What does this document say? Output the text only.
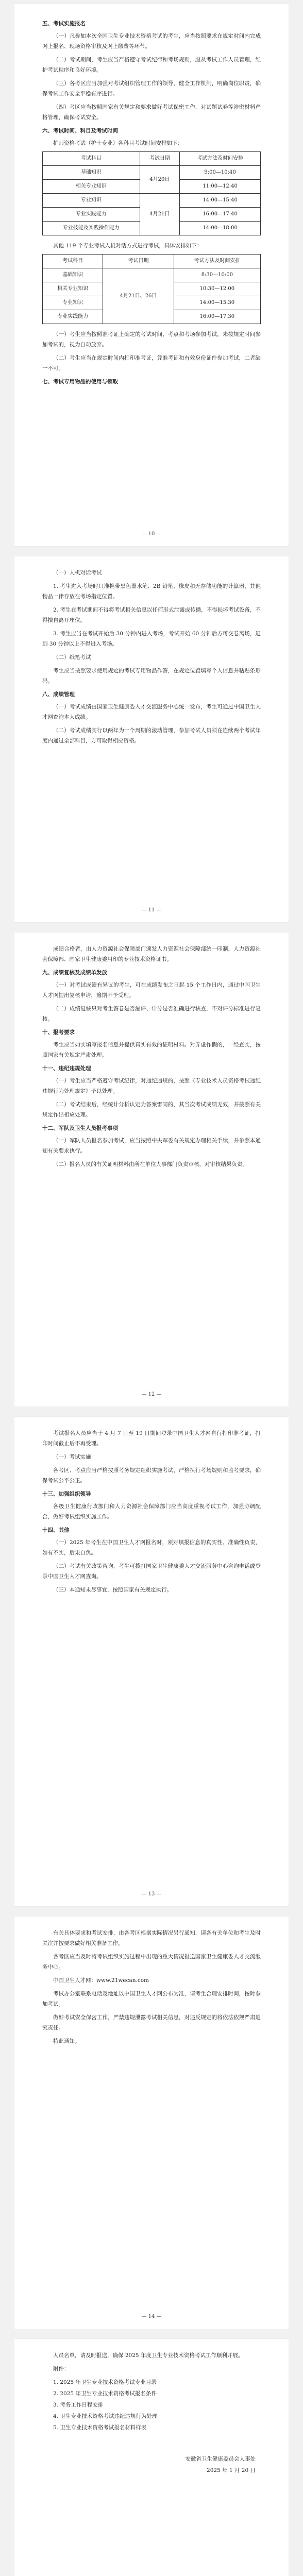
五、考试实施报名

（一）凡参加本次全国卫生专业技术资格考试的考生，应当按照要求在规定时间内完成网上报名、现场资格审核及网上缴费等环节。

（二）考试期间，考生应当严格遵守考试纪律和考场规则，服从考试工作人员管理，维护考试秩序和良好环境。

（三）各考区应当加强对考试组织管理工作的领导，健全工作机制，明确岗位职责，确保考试工作安全平稳有序进行。

（四）考区应当按照国家有关规定和要求做好考试保密工作，对试题试卷等涉密材料严格管理，确保考试安全。

六、考试时间、科目及考试时间

护师资格考试（护士专业）各科目考试时间安排如下：

考试科目	考试日期	考试方法及时间安排
基础知识	4月20日	9:00—10:40
相关专业知识		11:00—12:40
专业知识	4月21日	14:00—15:40
专业实践能力		16:00—17:40
专业技能及实践操作能力		14:00—18:00

其他 119 个专业考试人机对话方式进行考试，具体安排如下：

考试科目	考试日期	考试方法及时间安排
基础知识	4月21日、26日	8:30—10:00
相关专业知识		10:30—12:00
专业知识		14:00—15:30
专业实践能力		16:00—17:30

（一）考生应当按照准考证上确定的考试时间、考点和考场参加考试，未按规定时间参加考试的，视为自动放弃。

（二）考生应当在规定时间内打印准考证，凭准考证和有效身份证件参加考试，二者缺一不可。

七、考试专用物品的使用与领取
— 10 —

（一）人机对话考试

1. 考生进入考场时只准携带黑色墨水笔、2B 铅笔、橡皮和无存储功能的计算器，其他物品一律存放在考场指定位置。

2. 考生在考试期间不得将考试相关信息以任何形式泄露或传播，不得损坏考试设备，不得擅自离开座位。

3. 考生应当在考试开始后 30 分钟内进入考场，考试开始 60 分钟后方可交卷离场，迟到 30 分钟以上不得进入考场。

（二）纸笔考试

考生应当按照要求使用规定的考试专用物品作答，在规定位置填写个人信息并粘贴条形码。

八、成绩管理

（一）考试成绩由国家卫生健康委人才交流服务中心统一发布，考生可通过中国卫生人才网查询本人成绩。

（二）考试成绩实行以两年为一个周期的滚动管理，参加考试人员须在连续两个考试年度内通过全部科目，方可取得相应资格。

— 11 —

成绩合格者，由人力资源社会保障部门颁发人力资源社会保障部统一印制，人力资源社会保障部、国家卫生健康委用印的专业技术资格证书。

九、成绩复核及成绩单发放

（一）对考试成绩有异议的考生，可在成绩发布之日起 15 个工作日内，通过中国卫生人才网提出复核申请，逾期不予受理。

（二）成绩复核只对考生答卷是否漏评、计分是否准确进行核查，不对评分标准进行复核。

十、报考要求

考生应当如实填写报名信息并提供真实有效的证明材料。对弄虚作假的，一经查实，按照国家有关规定严肃处理。

十一、违纪违规处理

（一）考生应当严格遵守考试纪律，对违纪违规的，按照《专业技术人员资格考试违纪违规行为处理规定》予以处理。

（二）考试结束后，经统计分析认定为答案雷同的，其当次考试成绩无效，并按照有关规定作出相应处理。

十二、军队及卫生人员报考事项

（一）军队人员报名参加考试，应当按照中央军委有关规定办理相关手续，并参照本通知有关要求执行。

（二）报名人员的有关证明材料由所在单位人事部门负责审核，对审核结果负责。

— 12 —

考试报名人员应当于 4 月 7 日至 19 日期间登录中国卫生人才网自行打印准考证，打印时间截止后不再受理。

（一）考试实施

各考区、考点应当严格按照考务规定组织实施考试，严格执行考场规则和监考要求，确保考试公平公正。

十三、加强组织领导

各级卫生健康行政部门和人力资源社会保障部门应当高度重视考试工作，加强协调配合，做好考试组织实施工作。

十四、其他

（一）2025 年考生在中国卫生人才网报名时，须对填报信息的真实性、准确性负责，如有不实，后果自负。

（二）考试有关政策咨询，考生可拨打国家卫生健康委人才交流服务中心咨询电话或登录中国卫生人才网查询。

（三）本通知未尽事宜，按照国家有关规定执行。

— 13 —

有关具体要求和考试安排，由各考区根据实际情况另行通知，请各有关单位和考生及时关注并按要求做好相关准备工作。

各考区应当及时将考试组织实施过程中出现的重大情况报送国家卫生健康委人才交流服务中心。

中国卫生人才网：www.21wecan.com

考试办公室联系电话及地址以中国卫生人才网公布为准，请考生合理安排时间，按时参加考试。

做好考试安全保密工作，严禁违规泄露考试相关信息，对违反规定的将依法依规严肃追究责任。

特此通知。

— 14 —

人员名单，请及时报送，确保 2025 年度卫生专业技术资格考试工作顺利开展。

附件：

1. 2025 年卫生专业技术资格考试专业目录
2. 2025 年卫生专业技术资格考试报名条件
3. 考务工作日程安排
4. 卫生专业技术资格考试违纪违规行为处理
5. 卫生专业技术资格考试报名材料样表
安徽省卫生健康委员会人事处
2025 年 1 月 20 日
